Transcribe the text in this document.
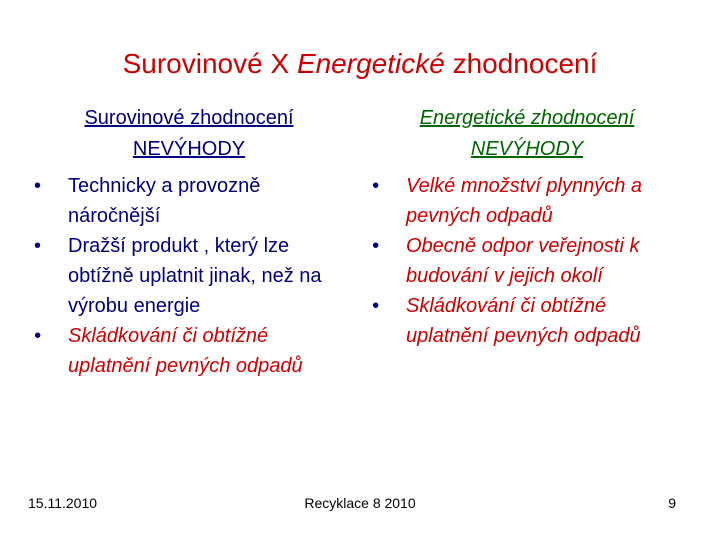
Surovinové X Energetické zhodnocení
Surovinové zhodnocení
NEVÝHODY
• Technicky a provozně náročnější
• Dražší produkt , který lze obtížně uplatnit jinak, než na výrobu energie
• Skládkování či obtížné uplatnění pevných odpadů
Energetické zhodnocení
NEVÝHODY
• Velké množství plynných a pevných odpadů
• Obecně odpor veřejnosti k budování v jejich okolí
• Skládkování či obtížné uplatnění pevných odpadů
15.11.2010	Recyklace 8 2010	9
